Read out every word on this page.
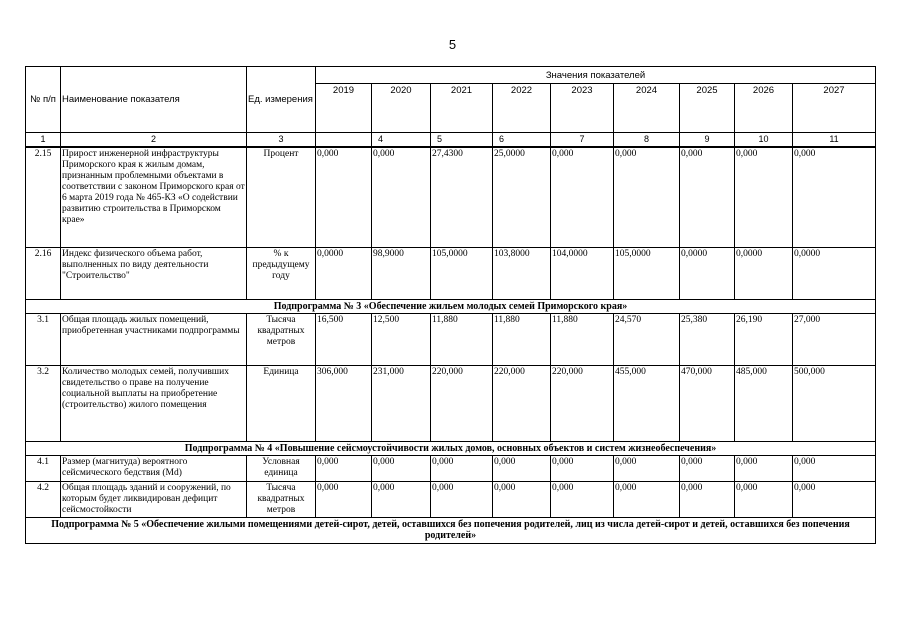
5
№ п/п	Наименование показателя	Ед. измерения	Значения показателей								
			2019	2020	2021	2022	2023	2024	2025	2026	2027
1	2	3		4	5	6	7	8	9	10	11
2.15	Прирост инженерной инфраструктуры Приморского края к жилым домам, признанным проблемными объектами в соответствии с законом Приморского края от 6 марта 2019 года № 465-КЗ «О содействии развитию строительства в Приморском крае»	Процент	0,000	0,000	27,4300	25,0000	0,000	0,000	0,000	0,000	0,000
2.16	Индекс физического объема работ, выполненных по виду деятельности "Строительство"	% к предыдущему году	0,0000	98,9000	105,0000	103,8000	104,0000	105,0000	0,0000	0,0000	0,0000
Подпрограмма № 3 «Обеспечение жильем молодых семей Приморского края»											
3.1	Общая площадь жилых помещений, приобретенная участниками подпрограммы	Тысяча квадратных метров	16,500	12,500	11,880	11,880	11,880	24,570	25,380	26,190	27,000
3.2	Количество молодых семей, получивших свидетельство о праве на получение социальной выплаты на приобретение (строительство) жилого помещения	Единица	306,000	231,000	220,000	220,000	220,000	455,000	470,000	485,000	500,000
Подпрограмма № 4 «Повышение сейсмоустойчивости жилых домов, основных объектов и систем жизнеобеспечения»											
4.1	Размер (магнитуда) вероятного сейсмического бедствия (Md)	Условная единица	0,000	0,000	0,000	0,000	0,000	0,000	0,000	0,000	0,000
4.2	Общая площадь зданий и сооружений, по которым будет ликвидирован дефицит сейсмостойкости	Тысяча квадратных метров	0,000	0,000	0,000	0,000	0,000	0,000	0,000	0,000	0,000
Подпрограмма № 5 «Обеспечение жилыми помещениями детей-сирот, детей, оставшихся без попечения родителей, лиц из числа детей-сирот и детей, оставшихся без попечения родителей»											
